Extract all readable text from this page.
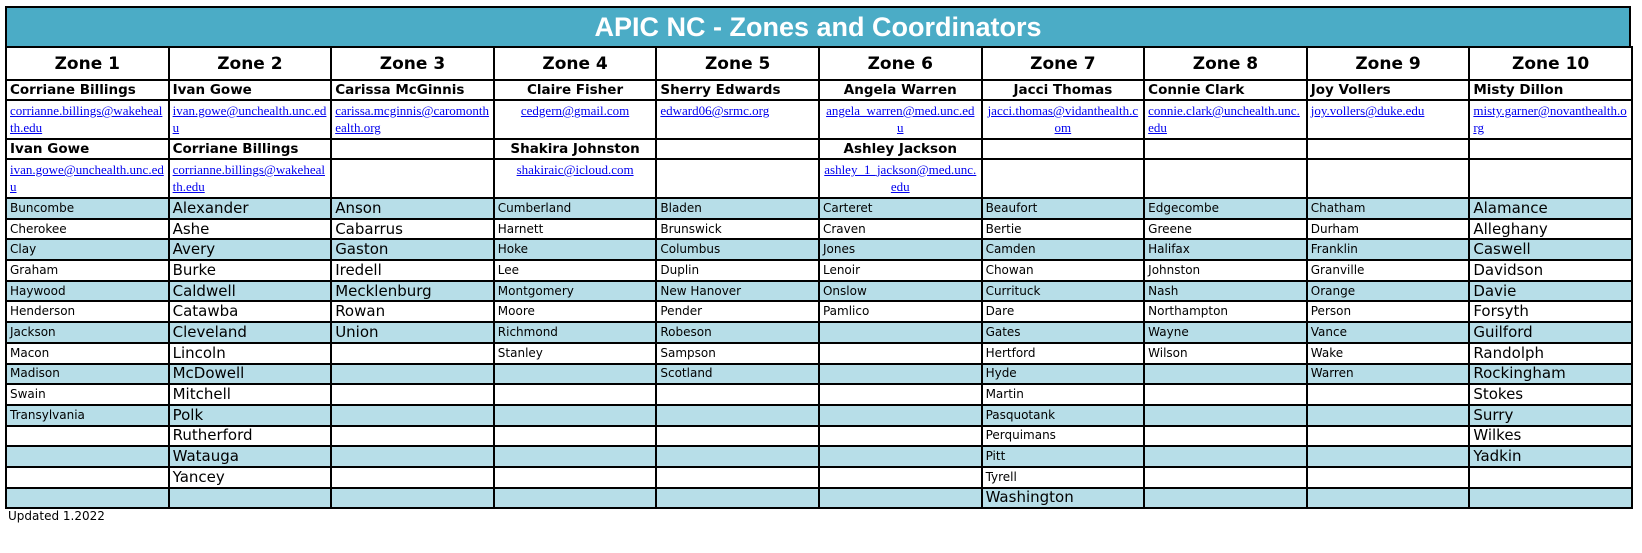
APIC NC - Zones and Coordinators
Zone 1	Zone 2	Zone 3	Zone 4	Zone 5	Zone 6	Zone 7	Zone 8	Zone 9	Zone 10
Corriane Billings	Ivan Gowe	Carissa McGinnis	Claire Fisher	Sherry Edwards	Angela Warren	Jacci Thomas	Connie Clark	Joy Vollers	Misty Dillon
corrianne.billings@wakehealth.edu	ivan.gowe@unchealth.unc.edu	carissa.mcginnis@caromonthealth.org	cedgern@gmail.com	edward06@srmc.org	angela_warren@med.unc.edu	jacci.thomas@vidanthealth.com	connie.clark@unchealth.unc.edu	joy.vollers@duke.edu	misty.garner@novanthealth.org
Ivan Gowe	Corriane Billings		Shakira Johnston		Ashley Jackson				
ivan.gowe@unchealth.unc.edu	corrianne.billings@wakehealth.edu		shakiraic@icloud.com		ashley_1_jackson@med.unc.edu				
Buncombe	Alexander	Anson	Cumberland	Bladen	Carteret	Beaufort	Edgecombe	Chatham	Alamance
Cherokee	Ashe	Cabarrus	Harnett	Brunswick	Craven	Bertie	Greene	Durham	Alleghany
Clay	Avery	Gaston	Hoke	Columbus	Jones	Camden	Halifax	Franklin	Caswell
Graham	Burke	Iredell	Lee	Duplin	Lenoir	Chowan	Johnston	Granville	Davidson
Haywood	Caldwell	Mecklenburg	Montgomery	New Hanover	Onslow	Currituck	Nash	Orange	Davie
Henderson	Catawba	Rowan	Moore	Pender	Pamlico	Dare	Northampton	Person	Forsyth
Jackson	Cleveland	Union	Richmond	Robeson		Gates	Wayne	Vance	Guilford
Macon	Lincoln		Stanley	Sampson		Hertford	Wilson	Wake	Randolph
Madison	McDowell			Scotland		Hyde		Warren	Rockingham
Swain	Mitchell					Martin			Stokes
Transylvania	Polk					Pasquotank			Surry
	Rutherford					Perquimans			Wilkes
	Watauga					Pitt			Yadkin
	Yancey					Tyrell			
						Washington			
Updated 1.2022
